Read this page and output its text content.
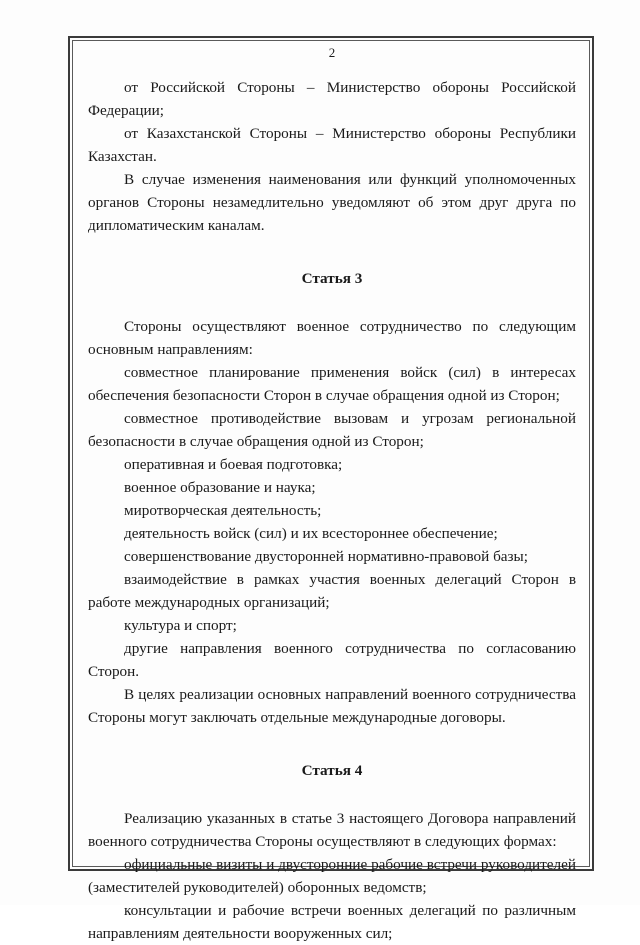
2

от Российской Стороны – Министерство обороны Российской Федерации;

от Казахстанской Стороны – Министерство обороны Республики Казахстан.

В случае изменения наименования или функций уполномоченных органов Стороны незамедлительно уведомляют об этом друг друга по дипломатическим каналам.

Статья 3

Стороны осуществляют военное сотрудничество по следующим основным направлениям:

совместное планирование применения войск (сил) в интересах обеспечения безопасности Сторон в случае обращения одной из Сторон;

совместное противодействие вызовам и угрозам региональной безопасности в случае обращения одной из Сторон;

оперативная и боевая подготовка;

военное образование и наука;

миротворческая деятельность;

деятельность войск (сил) и их всестороннее обеспечение;

совершенствование двусторонней нормативно-правовой базы;

взаимодействие в рамках участия военных делегаций Сторон в работе международных организаций;

культура и спорт;

другие направления военного сотрудничества по согласованию Сторон.

В целях реализации основных направлений военного сотрудничества Стороны могут заключать отдельные международные договоры.

Статья 4

Реализацию указанных в статье 3 настоящего Договора направлений военного сотрудничества Стороны осуществляют в следующих формах:

официальные визиты и двусторонние рабочие встречи руководителей (заместителей руководителей) оборонных ведомств;

консультации и рабочие встречи военных делегаций по различным направлениям деятельности вооруженных сил;
